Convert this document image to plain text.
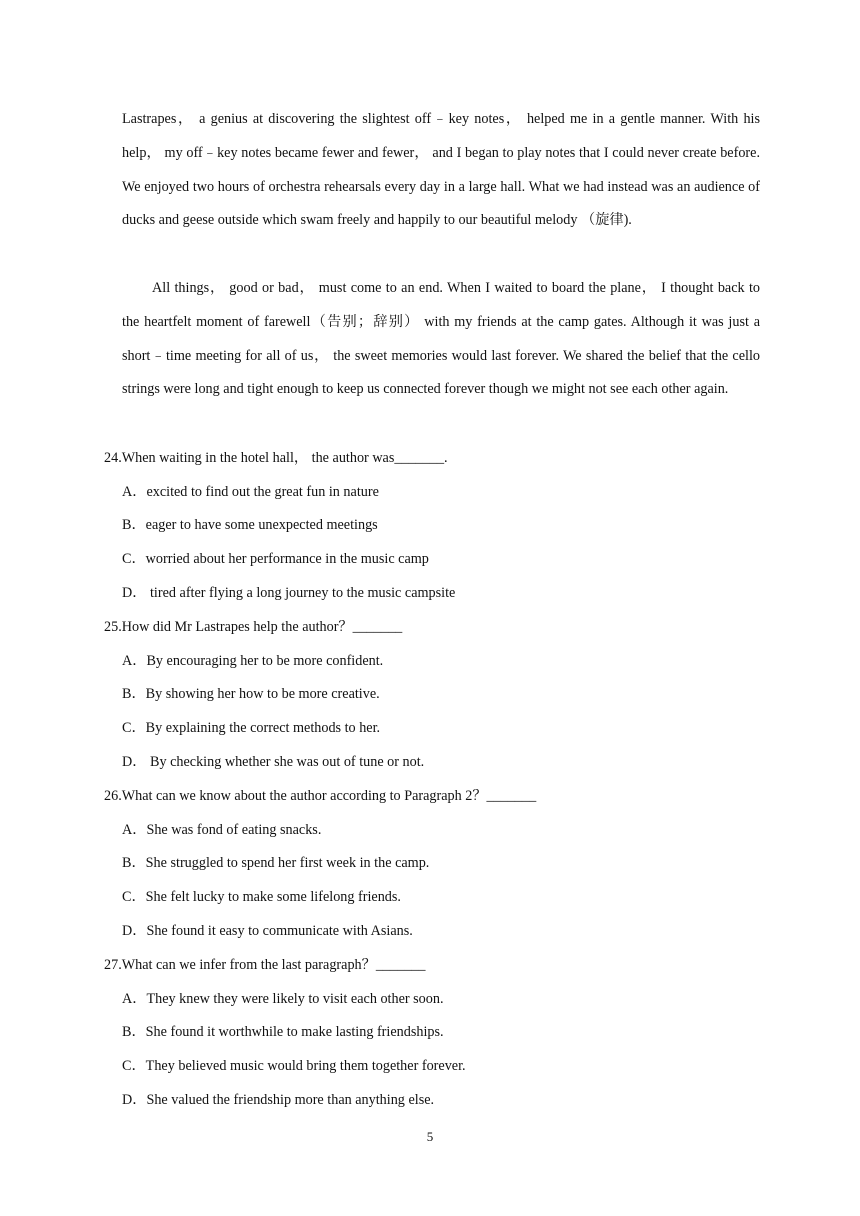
Lastrapes， a genius at discovering the slightest off﹣key notes， helped me in a gentle manner. With his help， my off﹣key notes became fewer and fewer， and I began to play notes that I could never create before. We enjoyed two hours of orchestra rehearsals every day in a large hall. What we had instead was an audience of ducks and geese outside which swam freely and happily to our beautiful melody （旋律).

All things， good or bad， must come to an end. When I waited to board the plane， I thought back to the heartfelt moment of farewell（告别；辞别） with my friends at the camp gates. Although it was just a short﹣time meeting for all of us， the sweet memories would last forever. We shared the belief that the cello strings were long and tight enough to keep us connected forever though we might not see each other again.

24.When waiting in the hotel hall， the author was_______.
A．excited to find out the great fun in nature
B．eager to have some unexpected meetings
C．worried about her performance in the music camp
D． tired after flying a long journey to the music campsite
25.How did Mr Lastrapes help the author？_______
A．By encouraging her to be more confident.
B．By showing her how to be more creative.
C．By explaining the correct methods to her.
D． By checking whether she was out of tune or not.
26.What can we know about the author according to Paragraph 2？_______
A．She was fond of eating snacks.
B．She struggled to spend her first week in the camp.
C．She felt lucky to make some lifelong friends.
D．She found it easy to communicate with Asians.
27.What can we infer from the last paragraph？_______
A．They knew they were likely to visit each other soon.
B．She found it worthwhile to make lasting friendships.
C．They believed music would bring them together forever.
D．She valued the friendship more than anything else.
5
